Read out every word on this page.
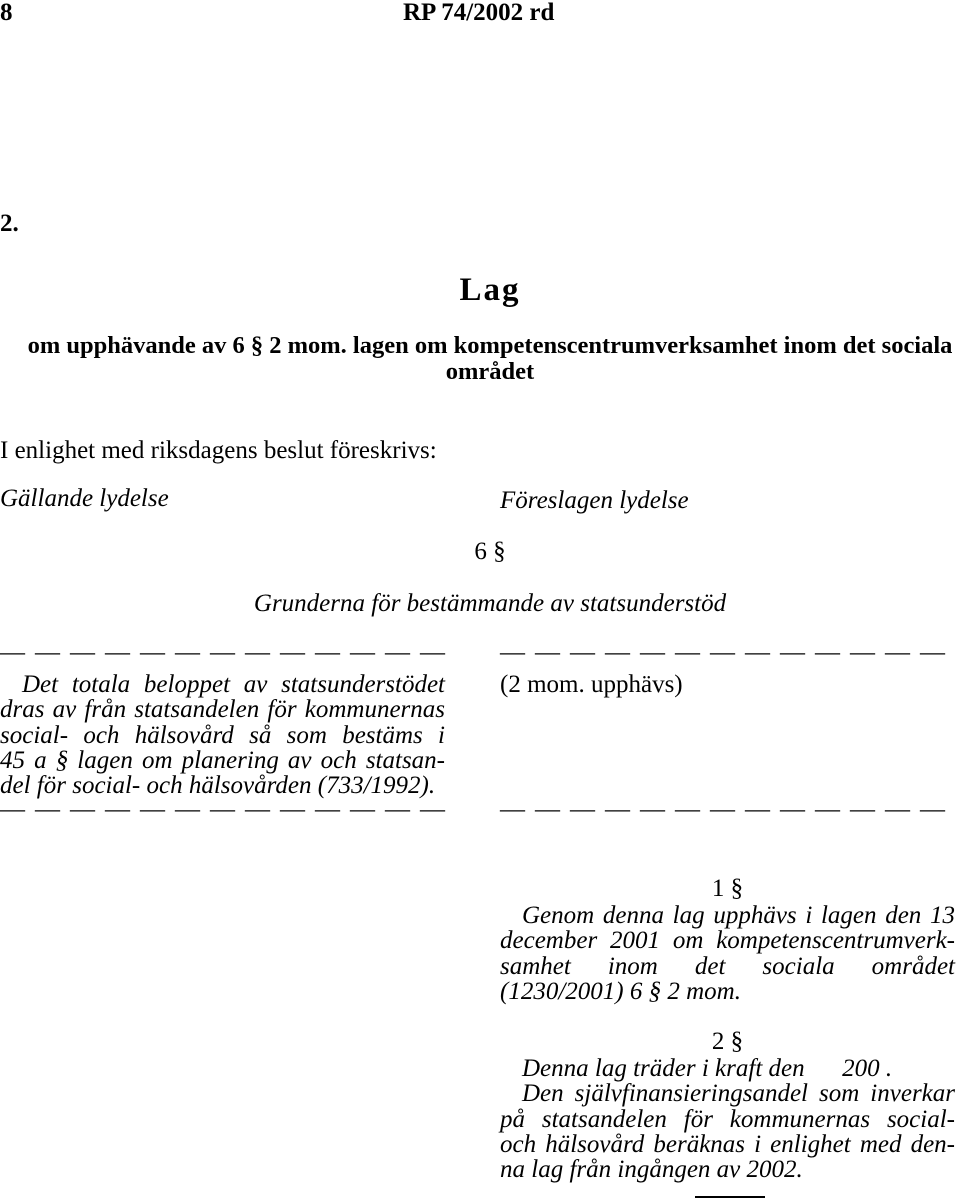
8	RP 74/2002 rd
2.
Lag
om upphävande av 6 § 2 mom. lagen om kompetenscentrumverksamhet inom det sociala
området
I enlighet med riksdagens beslut föreskrivs:
Gällande lydelse	Föreslagen lydelse
6 §
Grunderna för bestämmande av statsunderstöd
— — — — — — — — — — — — — — — — — — — — — — — — — —
Det totala beloppet av statsunderstödet
dras av från statsandelen för kommunernas
social- och hälsovård så som bestäms i
45 a § lagen om planering av och statsan-
del för social- och hälsovården (733/1992).
(2 mom. upphävs)
— — — — — — — — — — — — — — — — — — — — — — — — — —
1 §
Genom denna lag upphävs i lagen den 13
december 2001 om kompetenscentrumverk-
samhet inom det sociala området
(1230/2001) 6 § 2 mom.
2 §
Denna lag träder i kraft den      200 .
Den självfinansieringsandel som inverkar
på statsandelen för kommunernas social-
och hälsovård beräknas i enlighet med den-
na lag från ingången av 2002.
